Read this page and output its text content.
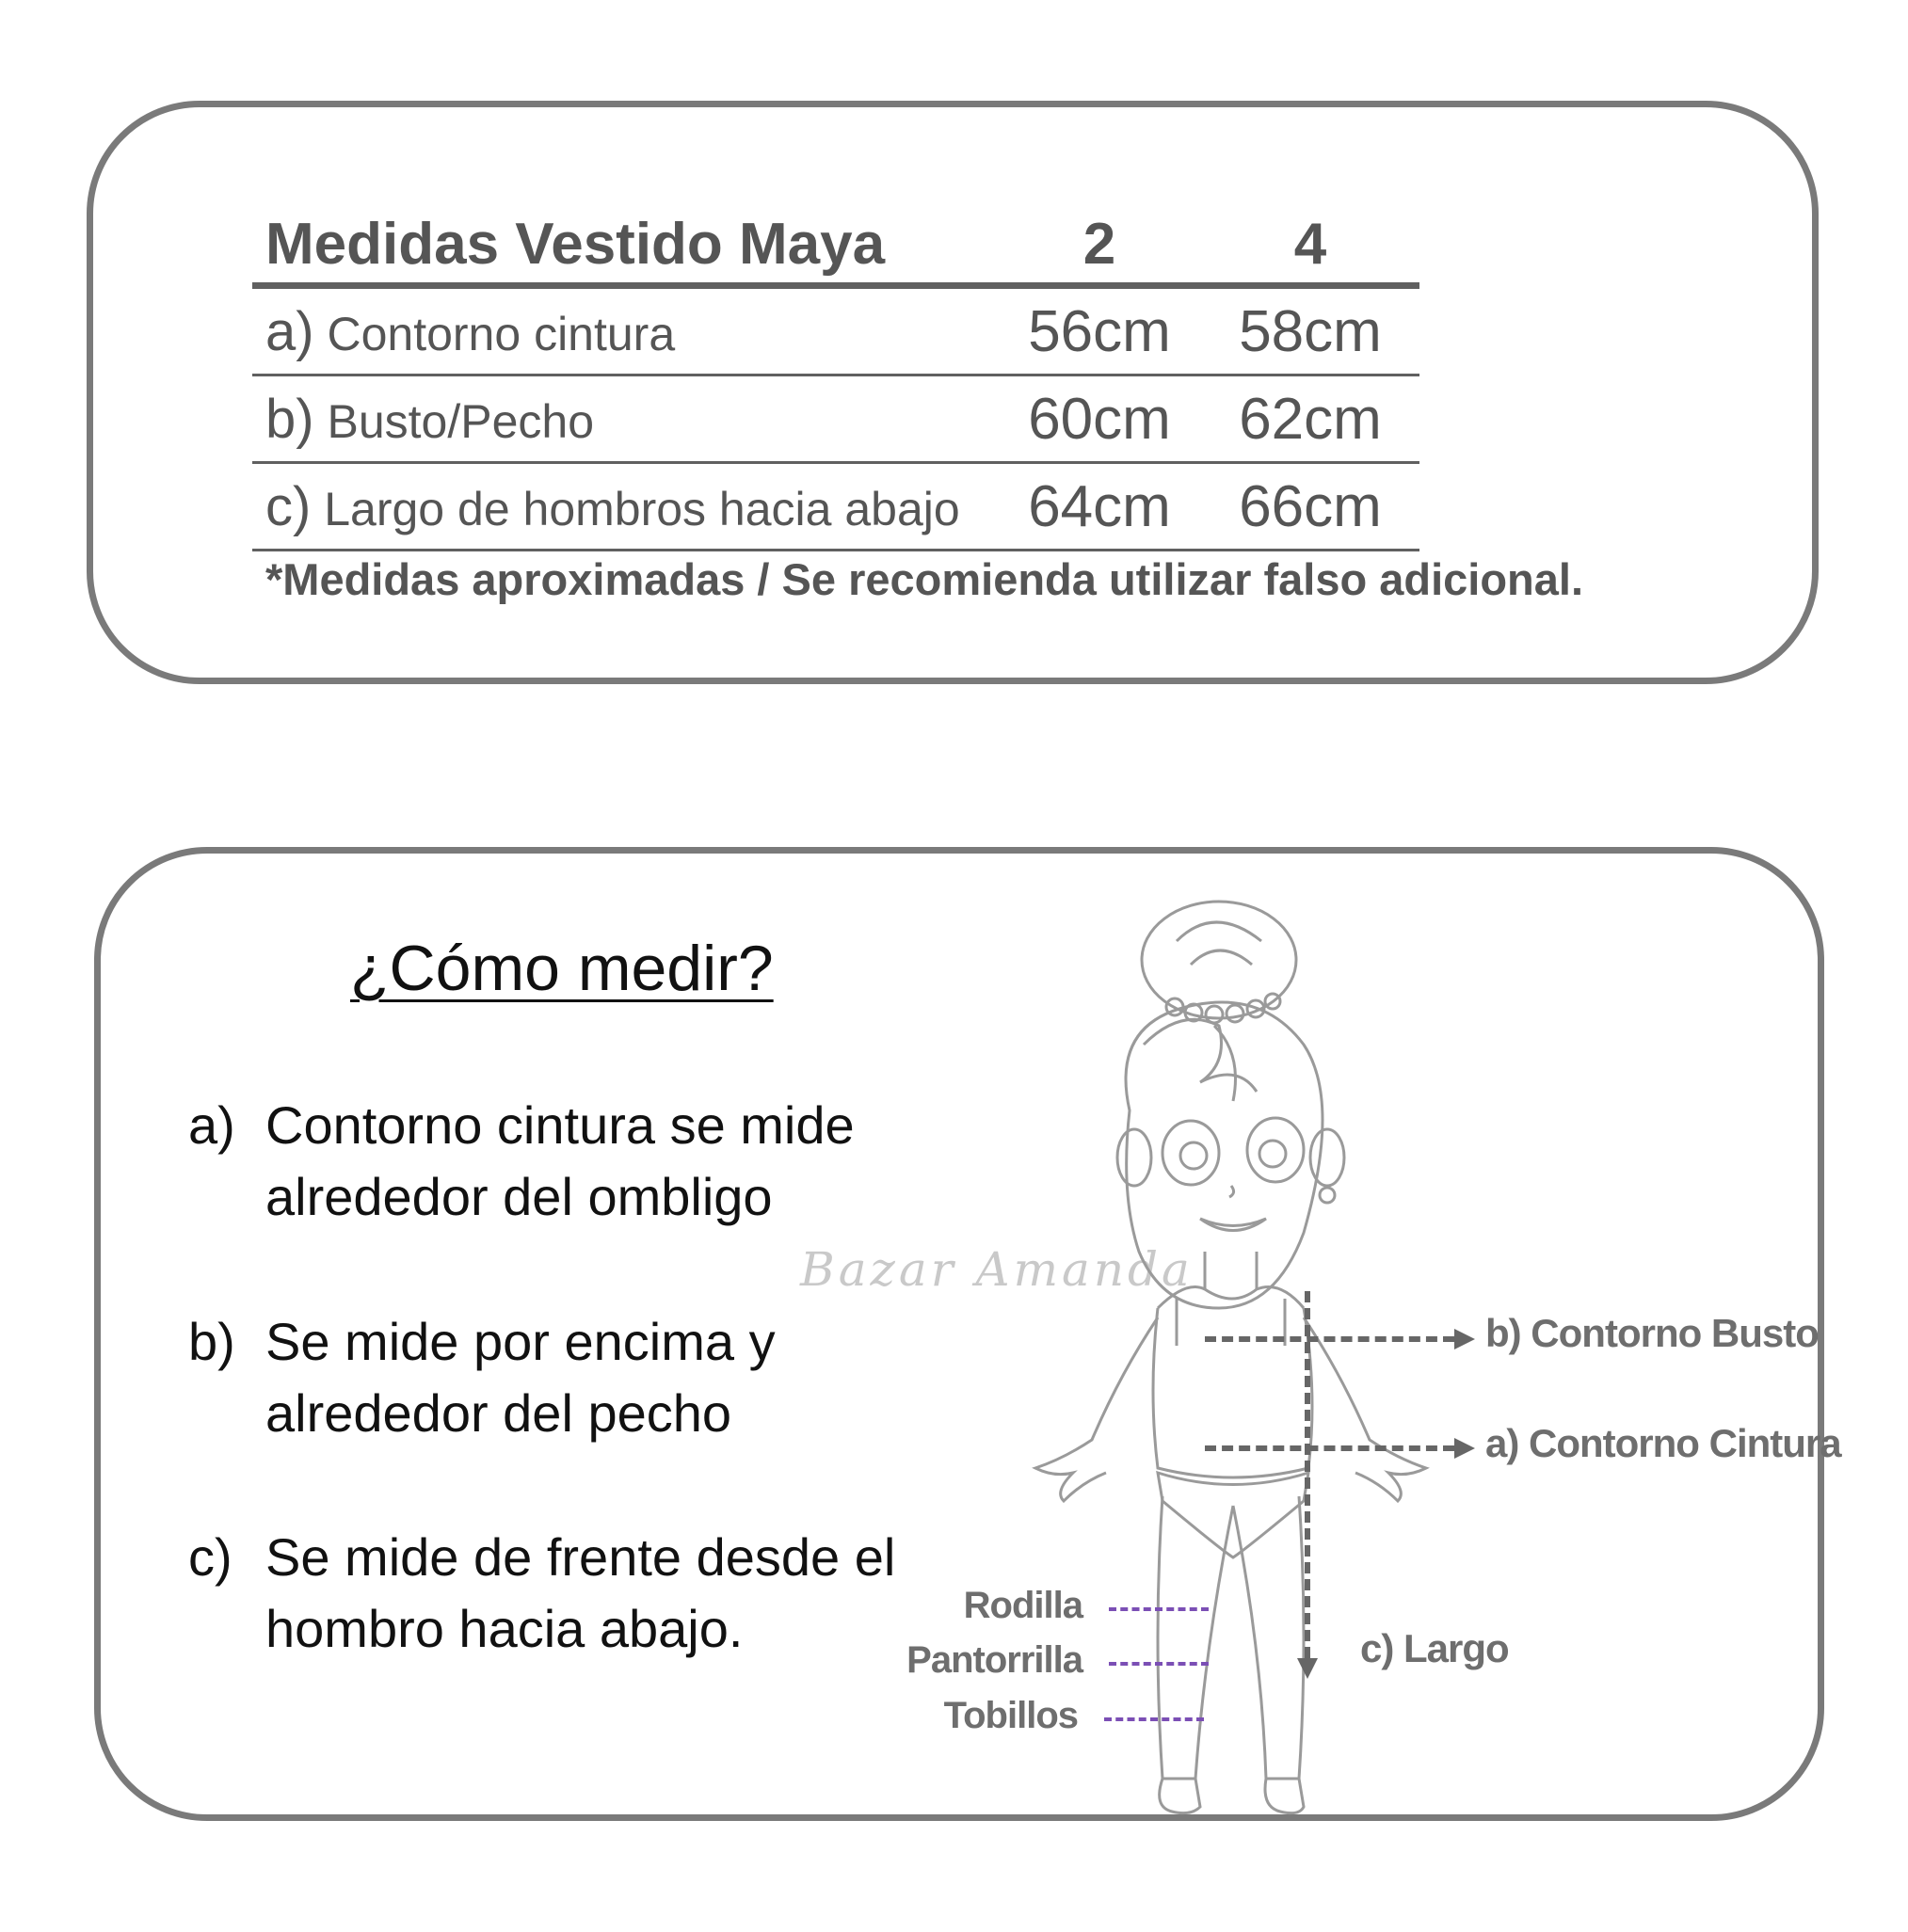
Medidas Vestido Maya	2	4
a) Contorno cintura	56cm	58cm
b) Busto/Pecho	60cm	62cm
c) Largo de hombros hacia abajo	64cm	66cm
*Medidas aproximadas / Se recomienda utilizar falso adicional.
¿Cómo medir?
a) Contorno cintura se mide alrededor del ombligo
b) Se mide por encima y alrededor del pecho
c) Se mide de frente desde el hombro hacia abajo.
Bazar Amanda
b) Contorno Busto
a) Contorno Cintura
c) Largo
Rodilla
Pantorrilla
Tobillos
